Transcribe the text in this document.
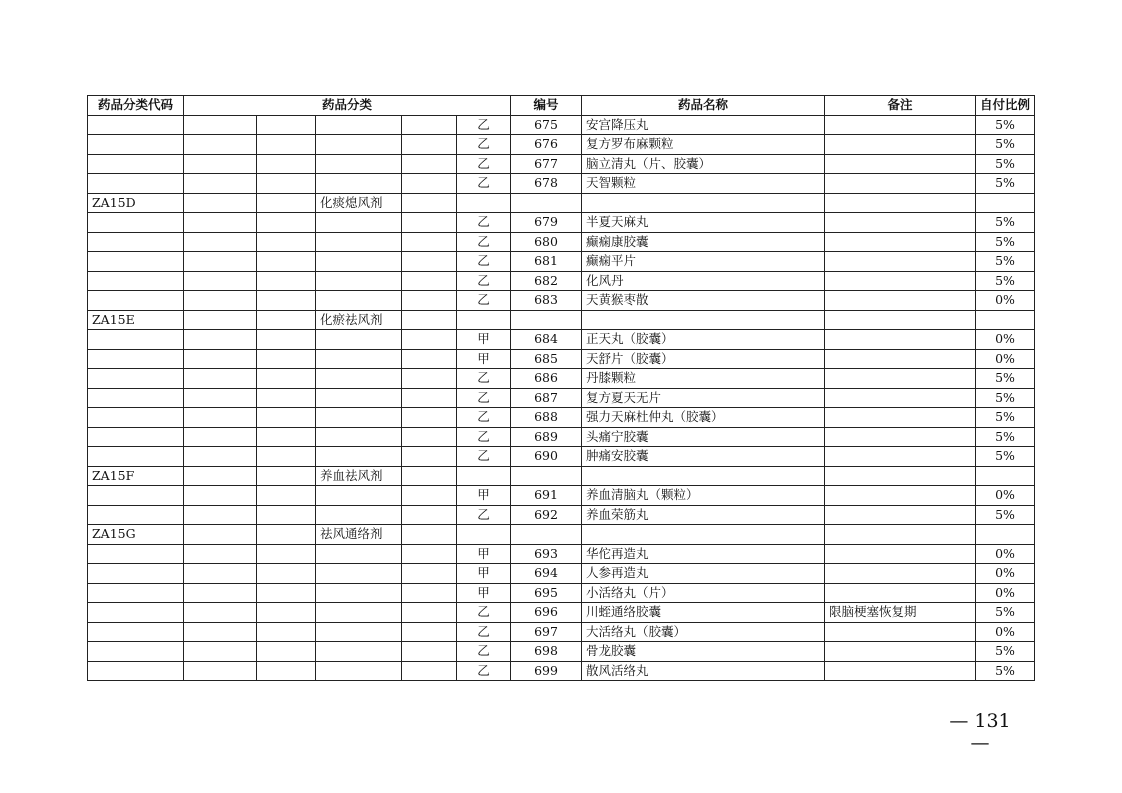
药品分类代码	药品分类					编号	药品名称	备注	自付比例
					乙	675	安宫降压丸		5%
					乙	676	复方罗布麻颗粒		5%
					乙	677	脑立清丸（片、胶囊）		5%
					乙	678	天智颗粒		5%
ZA15D			化痰熄风剂						
					乙	679	半夏天麻丸		5%
					乙	680	癫痫康胶囊		5%
					乙	681	癫痫平片		5%
					乙	682	化风丹		5%
					乙	683	天黄猴枣散		0%
ZA15E			化瘀祛风剂						
					甲	684	正天丸（胶囊）		0%
					甲	685	天舒片（胶囊）		0%
					乙	686	丹膝颗粒		5%
					乙	687	复方夏天无片		5%
					乙	688	强力天麻杜仲丸（胶囊）		5%
					乙	689	头痛宁胶囊		5%
					乙	690	肿痛安胶囊		5%
ZA15F			养血祛风剂						
					甲	691	养血清脑丸（颗粒）		0%
					乙	692	养血荣筋丸		5%
ZA15G			祛风通络剂						
					甲	693	华佗再造丸		0%
					甲	694	人参再造丸		0%
					甲	695	小活络丸（片）		0%
					乙	696	川蛭通络胶囊	限脑梗塞恢复期	5%
					乙	697	大活络丸（胶囊）		0%
					乙	698	骨龙胶囊		5%
					乙	699	散风活络丸		5%
— 131 —
